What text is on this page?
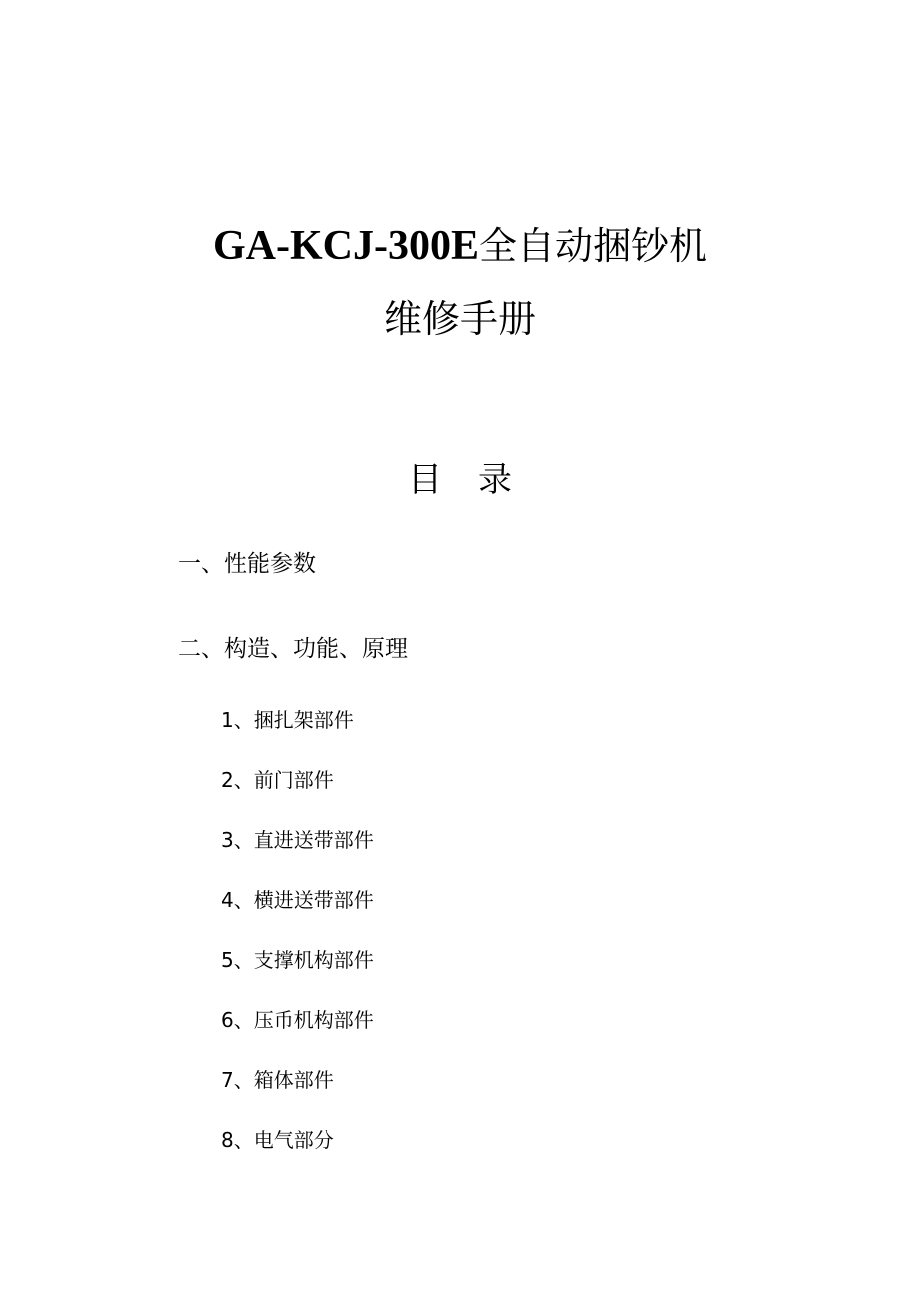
GA-KCJ-300E全自动捆钞机
维修手册
目 录
一、性能参数
二、构造、功能、原理
1、捆扎架部件
2、前门部件
3、直进送带部件
4、横进送带部件
5、支撑机构部件
6、压币机构部件
7、箱体部件
8、电气部分
